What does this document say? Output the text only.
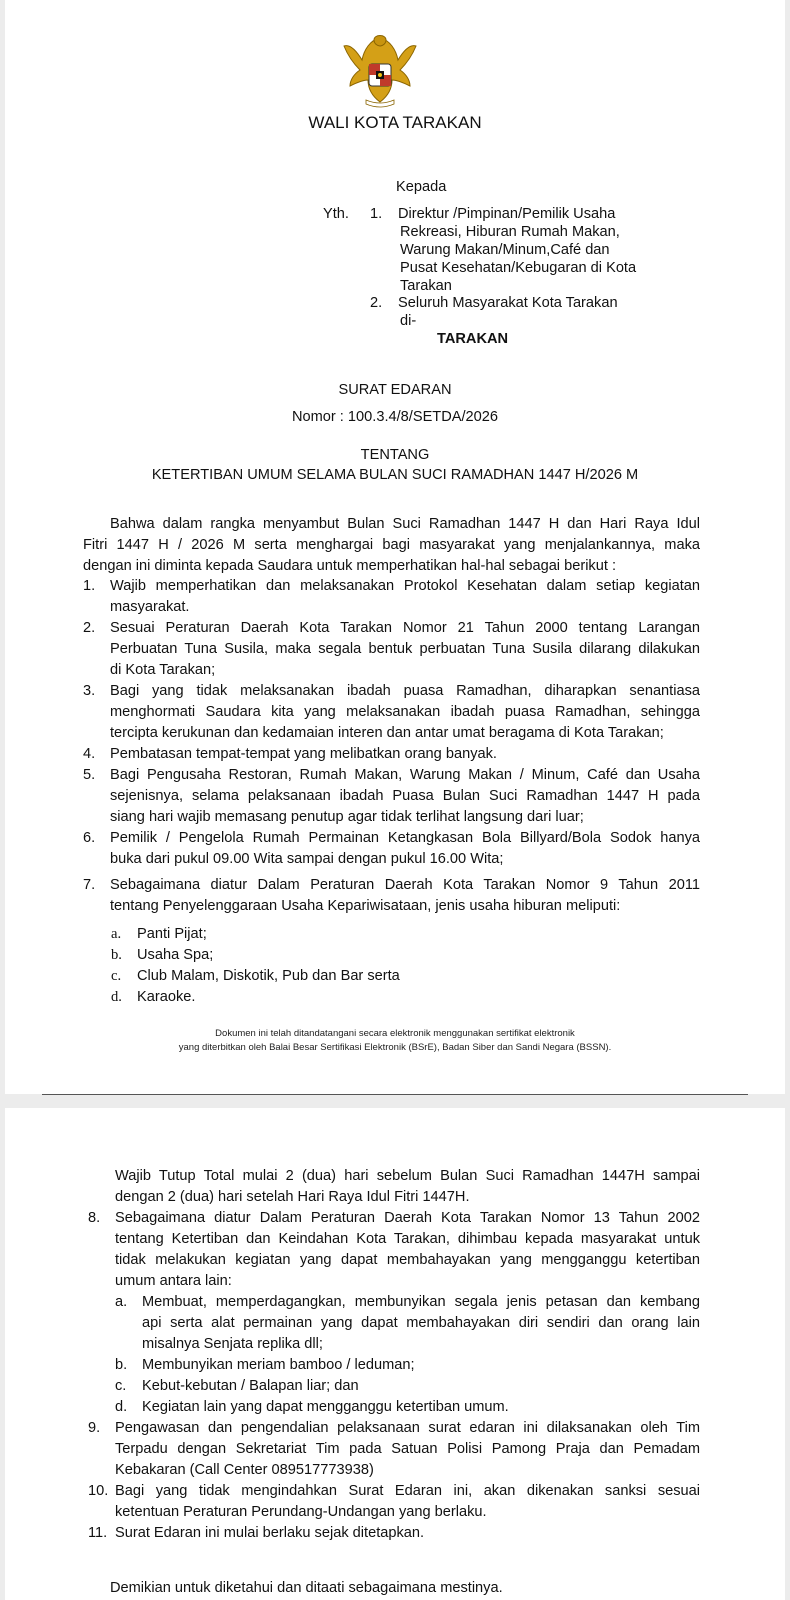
WALI KOTA TARAKAN
Kepada
Yth. 1. Direktur /Pimpinan/Pemilik Usaha
Rekreasi, Hiburan Rumah Makan,
Warung Makan/Minum,Café dan
Pusat Kesehatan/Kebugaran di Kota
Tarakan
2. Seluruh Masyarakat Kota Tarakan
di-
TARAKAN
SURAT EDARAN
Nomor : 100.3.4/8/SETDA/2026
TENTANG
KETERTIBAN UMUM SELAMA BULAN SUCI RAMADHAN 1447 H/2026 M
Bahwa dalam rangka menyambut Bulan Suci Ramadhan 1447 H dan Hari Raya Idul
Fitri 1447 H / 2026 M serta menghargai bagi masyarakat yang menjalankannya, maka
dengan ini diminta kepada Saudara untuk memperhatikan hal-hal sebagai berikut :
1. Wajib memperhatikan dan melaksanakan Protokol Kesehatan dalam setiap kegiatan
masyarakat.
2. Sesuai Peraturan Daerah Kota Tarakan Nomor 21 Tahun 2000 tentang Larangan
Perbuatan Tuna Susila, maka segala bentuk perbuatan Tuna Susila dilarang dilakukan
di Kota Tarakan;
3. Bagi yang tidak melaksanakan ibadah puasa Ramadhan, diharapkan senantiasa
menghormati Saudara kita yang melaksanakan ibadah puasa Ramadhan, sehingga
tercipta kerukunan dan kedamaian interen dan antar umat beragama di Kota Tarakan;
4. Pembatasan tempat-tempat yang melibatkan orang banyak.
5. Bagi Pengusaha Restoran, Rumah Makan, Warung Makan / Minum, Café dan Usaha
sejenisnya, selama pelaksanaan ibadah Puasa Bulan Suci Ramadhan 1447 H pada
siang hari wajib memasang penutup agar tidak terlihat langsung dari luar;
6. Pemilik / Pengelola Rumah Permainan Ketangkasan Bola Billyard/Bola Sodok hanya
buka dari pukul 09.00 Wita sampai dengan pukul 16.00 Wita;
7. Sebagaimana diatur Dalam Peraturan Daerah Kota Tarakan Nomor 9 Tahun 2011
tentang Penyelenggaraan Usaha Kepariwisataan, jenis usaha hiburan meliputi:
a. Panti Pijat;
b. Usaha Spa;
c. Club Malam, Diskotik, Pub dan Bar serta
d. Karaoke.
Dokumen ini telah ditandatangani secara elektronik menggunakan sertifikat elektronik
yang diterbitkan oleh Balai Besar Sertifikasi Elektronik (BSrE), Badan Siber dan Sandi Negara (BSSN).
Wajib Tutup Total mulai 2 (dua) hari sebelum Bulan Suci Ramadhan 1447H sampai
dengan 2 (dua) hari setelah Hari Raya Idul Fitri 1447H.
8. Sebagaimana diatur Dalam Peraturan Daerah Kota Tarakan Nomor 13 Tahun 2002
tentang Ketertiban dan Keindahan Kota Tarakan, dihimbau kepada masyarakat untuk
tidak melakukan kegiatan yang dapat membahayakan yang mengganggu ketertiban
umum antara lain:
a. Membuat, memperdagangkan, membunyikan segala jenis petasan dan kembang
api serta alat permainan yang dapat membahayakan diri sendiri dan orang lain
misalnya Senjata replika dll;
b. Membunyikan meriam bamboo / leduman;
c. Kebut-kebutan / Balapan liar; dan
d. Kegiatan lain yang dapat mengganggu ketertiban umum.
9. Pengawasan dan pengendalian pelaksanaan surat edaran ini dilaksanakan oleh Tim
Terpadu dengan Sekretariat Tim pada Satuan Polisi Pamong Praja dan Pemadam
Kebakaran (Call Center 089517773938)
10. Bagi yang tidak mengindahkan Surat Edaran ini, akan dikenakan sanksi sesuai
ketentuan Peraturan Perundang-Undangan yang berlaku.
11. Surat Edaran ini mulai berlaku sejak ditetapkan.
Demikian untuk diketahui dan ditaati sebagaimana mestinya.
